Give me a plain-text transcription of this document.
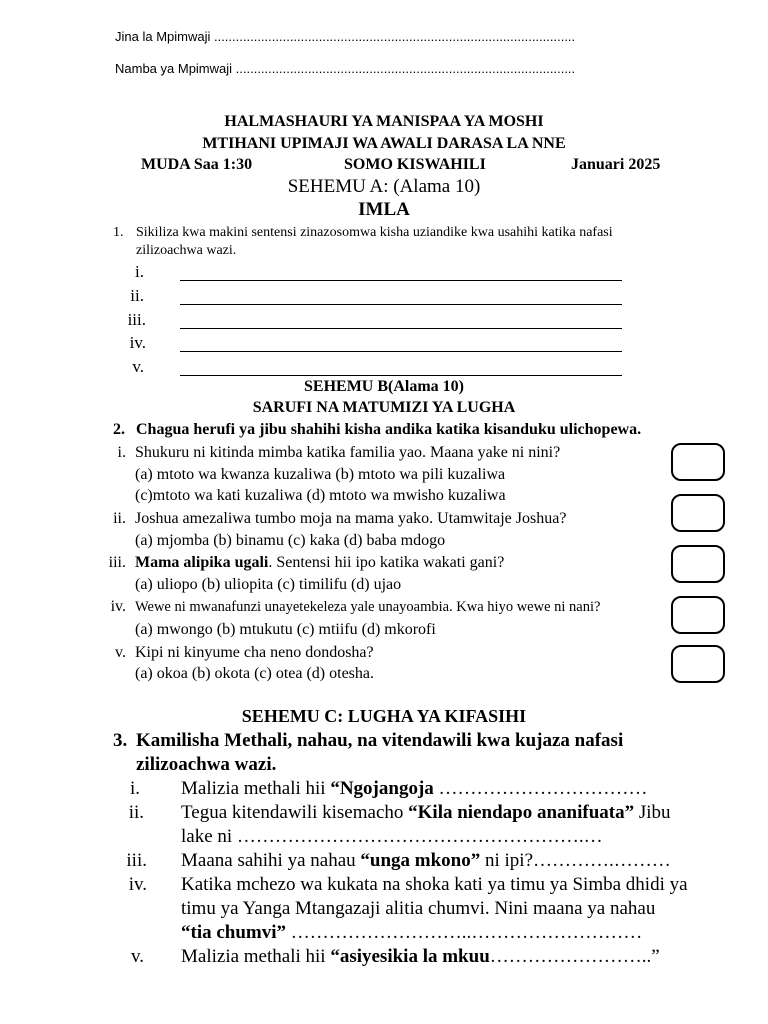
Jina la Mpimwaji ....................................................................................................
Namba ya Mpimwaji ..............................................................................................
HALMASHAURI YA MANISPAA YA MOSHI
MTIHANI UPIMAJI WA AWALI DARASA LA NNE
MUDA Saa 1:30	SOMO KISWAHILI	Januari 2025
SEHEMU A: (Alama 10)
IMLA
1. Sikiliza kwa makini sentensi zinazosomwa kisha uziandike kwa usahihi katika nafasi
zilizoachwa wazi.
i.
ii.
iii.
iv.
v.
SEHEMU B(Alama 10)
SARUFI NA MATUMIZI YA LUGHA
2. Chagua herufi ya jibu shahihi kisha andika katika kisanduku ulichopewa.
i. Shukuru ni kitinda mimba katika familia yao. Maana yake ni nini?
(a) mtoto wa kwanza kuzaliwa (b) mtoto wa pili kuzaliwa
(c)mtoto wa kati kuzaliwa (d) mtoto wa mwisho kuzaliwa
ii. Joshua amezaliwa tumbo moja na mama yako. Utamwitaje Joshua?
(a) mjomba (b) binamu (c) kaka (d) baba mdogo
iii. Mama alipika ugali. Sentensi hii ipo katika wakati gani?
(a) uliopo (b) uliopita (c) timilifu (d) ujao
iv. Wewe ni mwanafunzi unayetekeleza yale unayoambia. Kwa hiyo wewe ni nani?
(a) mwongo (b) mtukutu (c) mtiifu (d) mkorofi
v. Kipi ni kinyume cha neno dondosha?
(a) okoa (b) okota (c) otea (d) otesha.
SEHEMU C: LUGHA YA KIFASIHI
3. Kamilisha Methali, nahau, na vitendawili kwa kujaza nafasi
zilizoachwa wazi.
i. Malizia methali hii “Ngojangoja ……………………………
ii. Tegua kitendawili kisemacho “Kila niendapo ananifuata” Jibu
lake ni ……………………………………………….…
iii. Maana sahihi ya nahau “unga mkono” ni ipi?………….………
iv. Katika mchezo wa kukata na shoka kati ya timu ya Simba dhidi ya
timu ya Yanga Mtangazaji alitia chumvi. Nini maana ya nahau
“tia chumvi” ………………………..………………………
v. Malizia methali hii “asiyesikia la mkuu……………………..”
